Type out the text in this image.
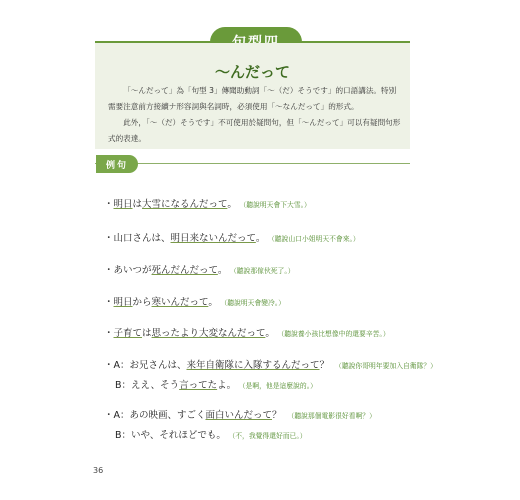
〜んだって

「〜んだって」為「句型 3」傳聞助動詞「〜（だ）そうです」的口語講法。特別需要注意前方接續ナ形容詞與名詞時，必須使用「〜なんだって」的形式。

此外，「〜（だ）そうです」不可使用於疑問句，但「〜んだって」可以有疑問句形式的表達。

例句
・明日は大雪になるんだって。 （聽說明天會下大雪。）
・山口さんは、明日来ないんだって。 （聽說山口小姐明天不會來。）
・あいつが死んだんだって。 （聽說那傢伙死了。）
・明日から寒いんだって。 （聽說明天會變冷。）
・子育ては思ったより大変なんだって。 （聽說養小孩比想像中的還要辛苦。）
・A：お兄さんは、来年自衛隊に入隊するんだって？ （聽說你哥明年要加入自衛隊？）
B：ええ、そう言ってたよ。 （是啊，他是這麼說的。）
・A：あの映画、すごく面白いんだって？ （聽說那個電影很好看啊？）
B：いや、それほどでも。 （不，我覺得還好而已。）
36
